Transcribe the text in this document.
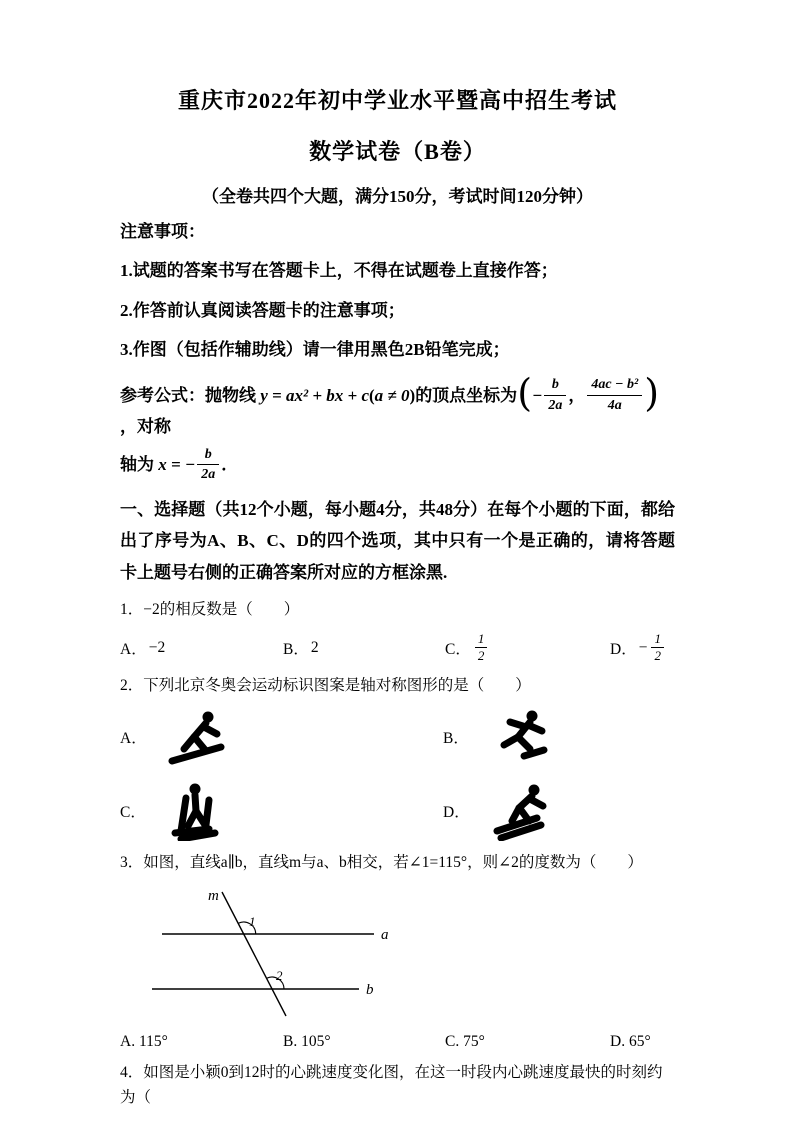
重庆市2022年初中学业水平暨高中招生考试
数学试卷（B卷）
（全卷共四个大题，满分150分，考试时间120分钟）

注意事项：

1.试题的答案书写在答题卡上，不得在试题卷上直接作答；

2.作答前认真阅读答题卡的注意事项；

3.作图（包括作辅助线）请一律用黑色2B铅笔完成；

参考公式：抛物线
y = ax² + bx + c ( a ≠ 0 ) 的顶点坐标为 ( − $\frac{b}{2a}$ ， $\frac{\text{4ac − b²}}{4a}$ )
，对称
轴为
x = − $\frac{b}{2a}$ ．
一、选择题（共12个小题，每小题4分，共48分）在每个小题的下面，都给出了序号为A、B、C、D的四个选项，其中只有一个是正确的，请将答题卡上题号右侧的正确答案所对应的方框涂黑.

1．−2的相反数是（　　）

A． −2	B． 2	C． $\frac{1}{2}$	D． − $\frac{1}{2}$

2．下列北京冬奥会运动标识图案是轴对称图形的是（　　）

A．	B．
C．	D．

3．如图，直线a∥b，直线m与a、b相交，若∠1=115°，则∠2的度数为（　　）

m
a
b
1
2
A. 115°	B. 105°	C. 75°	D. 65°

4．如图是小颖0到12时的心跳速度变化图，在这一时段内心跳速度最快的时刻约为（
